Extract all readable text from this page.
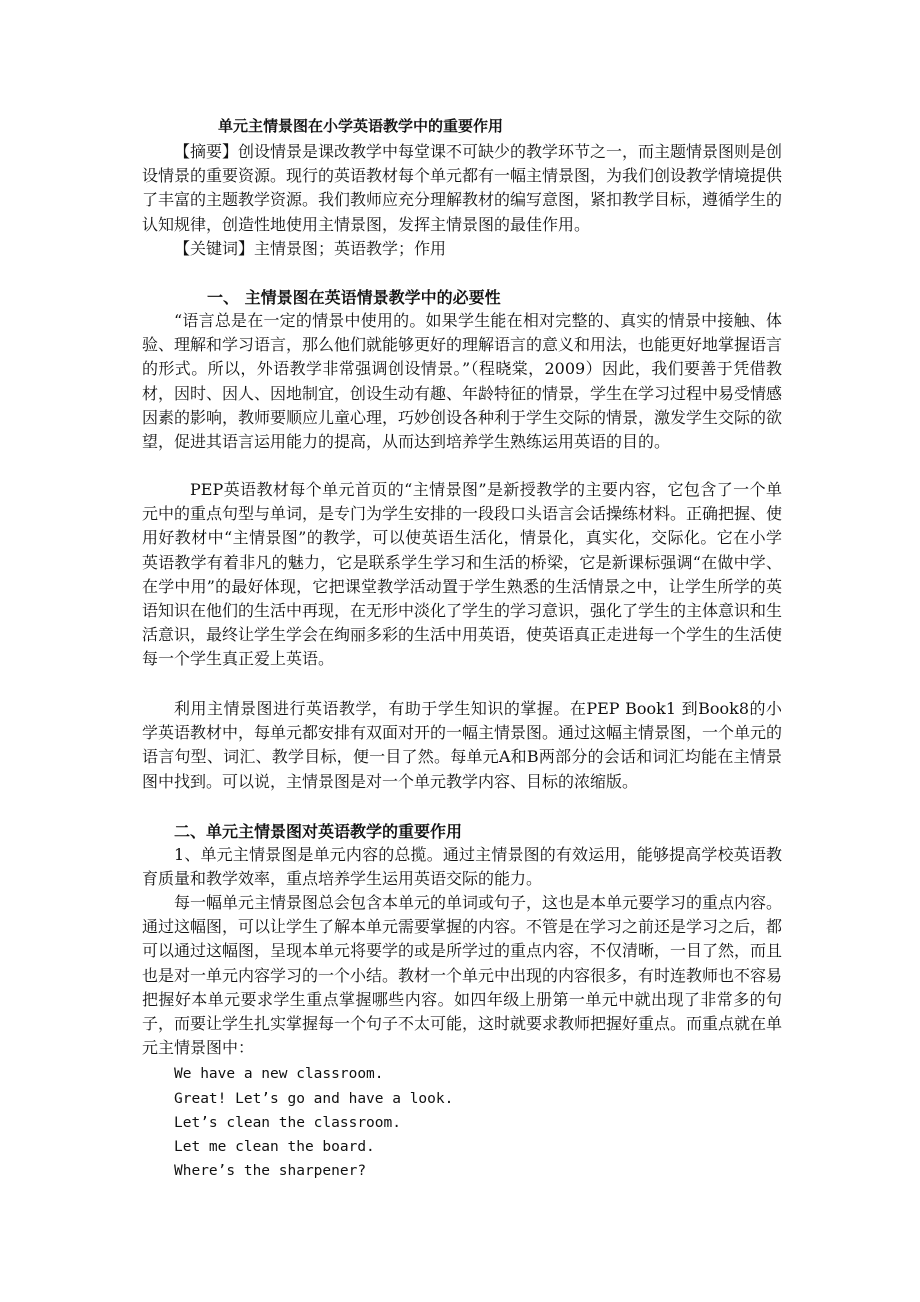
单元主情景图在小学英语教学中的重要作用

【摘要】创设情景是课改教学中每堂课不可缺少的教学环节之一，而主题情景图则是创设情景的重要资源。现行的英语教材每个单元都有一幅主情景图，为我们创设教学情境提供了丰富的主题教学资源。我们教师应充分理解教材的编写意图，紧扣教学目标，遵循学生的认知规律，创造性地使用主情景图，发挥主情景图的最佳作用。

【关键词】主情景图；英语教学；作用

一、 主情景图在英语情景教学中的必要性

“语言总是在一定的情景中使用的。如果学生能在相对完整的、真实的情景中接触、体验、理解和学习语言，那么他们就能够更好的理解语言的意义和用法，也能更好地掌握语言的形式。所以，外语教学非常强调创设情景。”（程晓棠，2009）因此，我们要善于凭借教材，因时、因人、因地制宜，创设生动有趣、年龄特征的情景，学生在学习过程中易受情感因素的影响，教师要顺应儿童心理，巧妙创设各种利于学生交际的情景，激发学生交际的欲望，促进其语言运用能力的提高，从而达到培养学生熟练运用英语的目的。

PEP英语教材每个单元首页的“主情景图”是新授教学的主要内容，它包含了一个单元中的重点句型与单词，是专门为学生安排的一段段口头语言会话操练材料。正确把握、使用好教材中“主情景图”的教学，可以使英语生活化，情景化，真实化，交际化。它在小学英语教学有着非凡的魅力，它是联系学生学习和生活的桥梁，它是新课标强调“在做中学、在学中用”的最好体现，它把课堂教学活动置于学生熟悉的生活情景之中，让学生所学的英语知识在他们的生活中再现，在无形中淡化了学生的学习意识，强化了学生的主体意识和生活意识，最终让学生学会在绚丽多彩的生活中用英语，使英语真正走进每一个学生的生活使每一个学生真正爱上英语。

利用主情景图进行英语教学，有助于学生知识的掌握。在PEP Book1 到Book8的小学英语教材中，每单元都安排有双面对开的一幅主情景图。通过这幅主情景图，一个单元的语言句型、词汇、教学目标，便一目了然。每单元A和B两部分的会话和词汇均能在主情景图中找到。可以说，主情景图是对一个单元教学内容、目标的浓缩版。

二、单元主情景图对英语教学的重要作用

1、单元主情景图是单元内容的总揽。通过主情景图的有效运用，能够提高学校英语教育质量和教学效率，重点培养学生运用英语交际的能力。

每一幅单元主情景图总会包含本单元的单词或句子，这也是本单元要学习的重点内容。通过这幅图，可以让学生了解本单元需要掌握的内容。不管是在学习之前还是学习之后，都可以通过这幅图，呈现本单元将要学的或是所学过的重点内容，不仅清晰，一目了然，而且也是对一单元内容学习的一个小结。教材一个单元中出现的内容很多，有时连教师也不容易把握好本单元要求学生重点掌握哪些内容。如四年级上册第一单元中就出现了非常多的句子，而要让学生扎实掌握每一个句子不太可能，这时就要求教师把握好重点。而重点就在单元主情景图中：

We have a new classroom.
Great! Let’s go and have a look.
Let’s clean the classroom.
Let me clean the board.
Where’s the sharpener?
